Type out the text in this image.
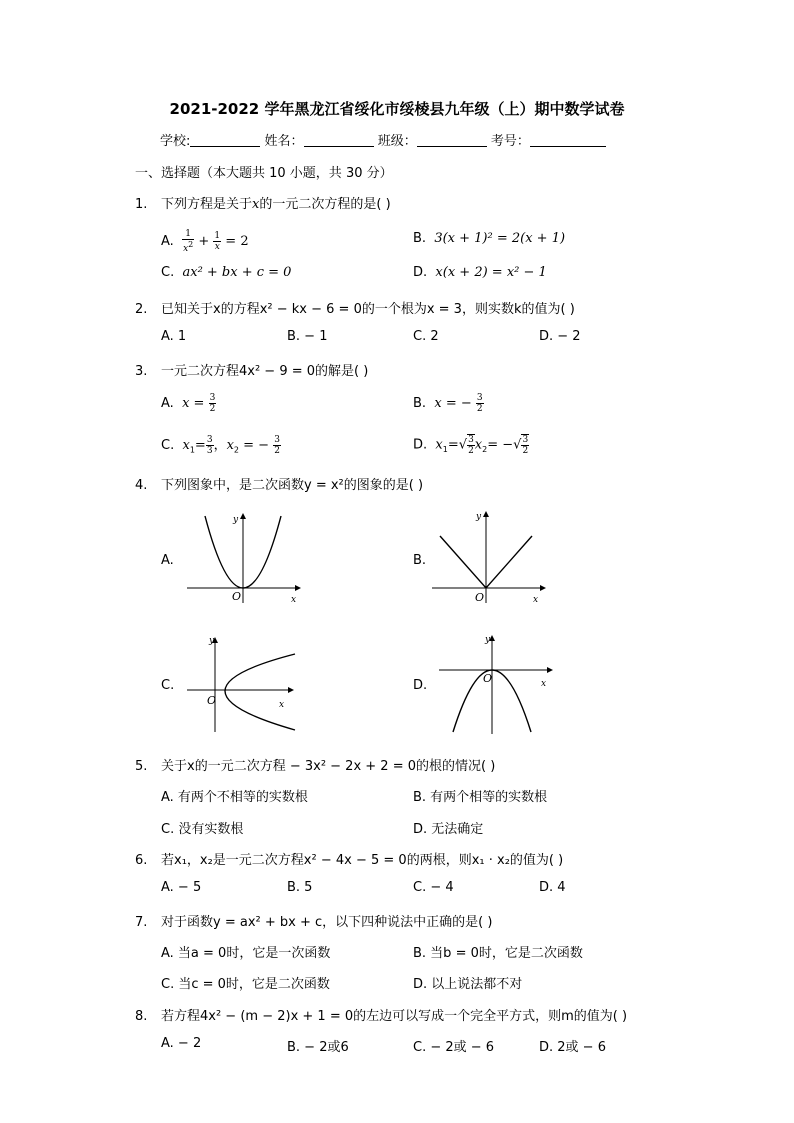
2021-2022 学年黑龙江省绥化市绥棱县九年级（上）期中数学试卷
学校:	姓名：	班级：	考号：
一、选择题（本大题共 10 小题，共 30 分）
1. 下列方程是关于x的一元二次方程的是( )
A. $\frac{1}{x^2} + \frac{1}{x} = 2$	B. 3(x + 1)² = 2(x + 1)
C. ax² + bx + c = 0	D. x(x + 2) = x² − 1
2. 已知关于x的方程x² − kx − 6 = 0的一个根为x = 3，则实数k的值为( )
A. 1	B. − 1	C. 2	D. − 2
3. 一元二次方程4x² − 9 = 0的解是( )
A. $x = \frac{3}{2}$	B. x = − $\frac{3}{2}$
C. $x_1= \frac{3}{3}$ ，$x_2$ = − $\frac{3}{2}$	D. $x_1=√ \frac{3}{2} x_2=$ −√ $\frac{3}{2}$
4. 下列图象中，是二次函数y = x²的图象的是( )
A.	B.
C.	D.
O	x
y
O	x
y
O	x
y
O	x
y
5. 关于x的一元二次方程 − 3x² − 2x + 2 = 0的根的情况( )
A. 有两个不相等的实数根	B. 有两个相等的实数根
C. 没有实数根	D. 无法确定
6. 若x₁，x₂是一元二次方程x² − 4x − 5 = 0的两根，则x₁ · x₂的值为( )
A. − 5	B. 5	C. − 4	D. 4
7. 对于函数y = ax² + bx + c，以下四种说法中正确的是( )
A. 当a = 0时，它是一次函数	B. 当b = 0时，它是二次函数
C. 当c = 0时，它是二次函数	D. 以上说法都不对
8. 若方程4x² − (m − 2)x + 1 = 0的左边可以写成一个完全平方式，则m的值为( )
A. − 2	B. − 2或6	C. − 2或 − 6	D. 2或 − 6
